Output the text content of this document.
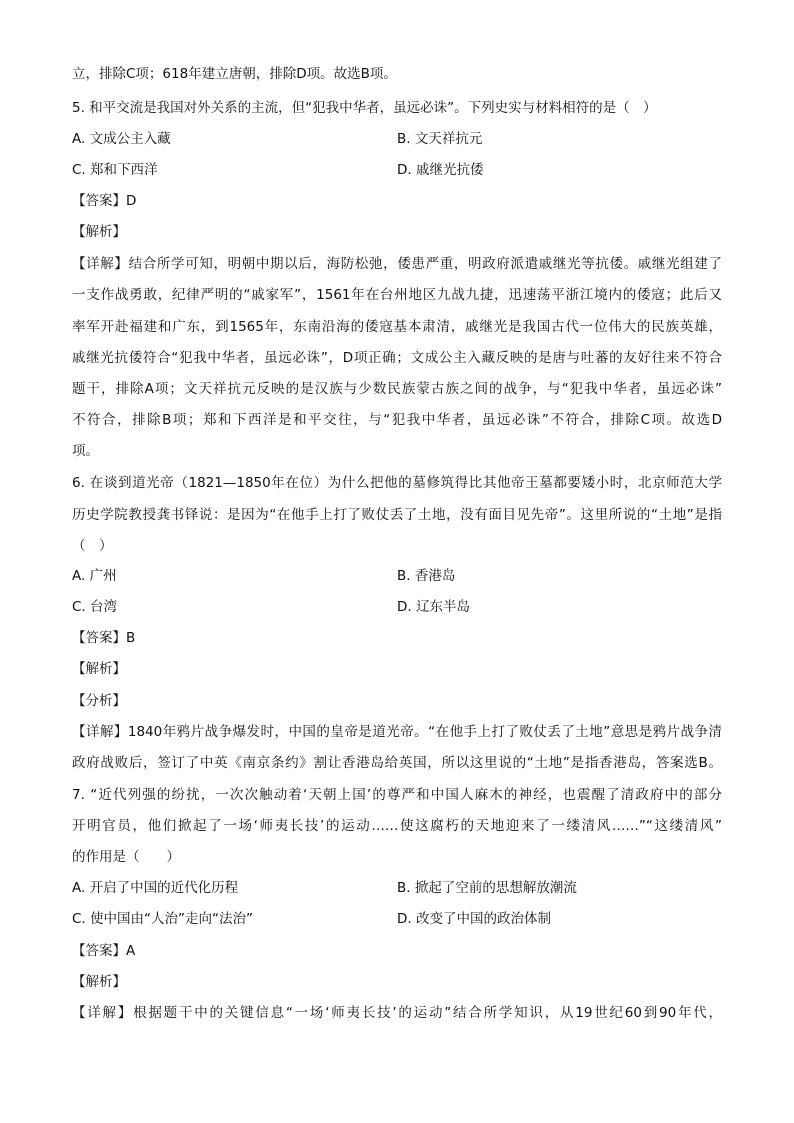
立，排除C项；618年建立唐朝，排除D项。故选B项。
5. 和平交流是我国对外关系的主流，但“犯我中华者，虽远必诛”。下列史实与材料相符的是（　）
A. 文成公主入藏	B. 文天祥抗元
C. 郑和下西洋	D. 戚继光抗倭
【答案】D
【解析】
【详解】结合所学可知，明朝中期以后，海防松弛，倭患严重，明政府派遣戚继光等抗倭。戚继光组建了
一支作战勇敢，纪律严明的“戚家军”，1561年在台州地区九战九捷，迅速荡平浙江境内的倭寇；此后又
率军开赴福建和广东，到1565年，东南沿海的倭寇基本肃清，戚继光是我国古代一位伟大的民族英雄，
戚继光抗倭符合“犯我中华者，虽远必诛”，D项正确；文成公主入藏反映的是唐与吐蕃的友好往来不符合
题干，排除A项；文天祥抗元反映的是汉族与少数民族蒙古族之间的战争，与“犯我中华者，虽远必诛”
不符合，排除B项；郑和下西洋是和平交往，与“犯我中华者，虽远必诛”不符合，排除C项。故选D
项。
6. 在谈到道光帝（1821—1850年在位）为什么把他的墓修筑得比其他帝王墓都要矮小时，北京师范大学
历史学院教授龚书铎说：是因为“在他手上打了败仗丢了土地，没有面目见先帝”。这里所说的“土地”是指
（　）
A. 广州	B. 香港岛
C. 台湾	D. 辽东半岛
【答案】B
【解析】
【分析】
【详解】1840年鸦片战争爆发时，中国的皇帝是道光帝。“在他手上打了败仗丢了土地”意思是鸦片战争清
政府战败后，签订了中英《南京条约》割让香港岛给英国，所以这里说的“土地”是指香港岛，答案选B。
7. “近代列强的纷扰，一次次触动着‘天朝上国’的尊严和中国人麻木的神经，也震醒了清政府中的部分
开明官员，他们掀起了一场‘师夷长技’的运动……使这腐朽的天地迎来了一缕清风……”“这缕清风”
的作用是（　　）
A. 开启了中国的近代化历程	B. 掀起了空前的思想解放潮流
C. 使中国由“人治”走向“法治”	D. 改变了中国的政治体制
【答案】A
【解析】
【详解】根据题干中的关键信息“一场‘师夷长技’的运动”结合所学知识，从19世纪60到90年代，
